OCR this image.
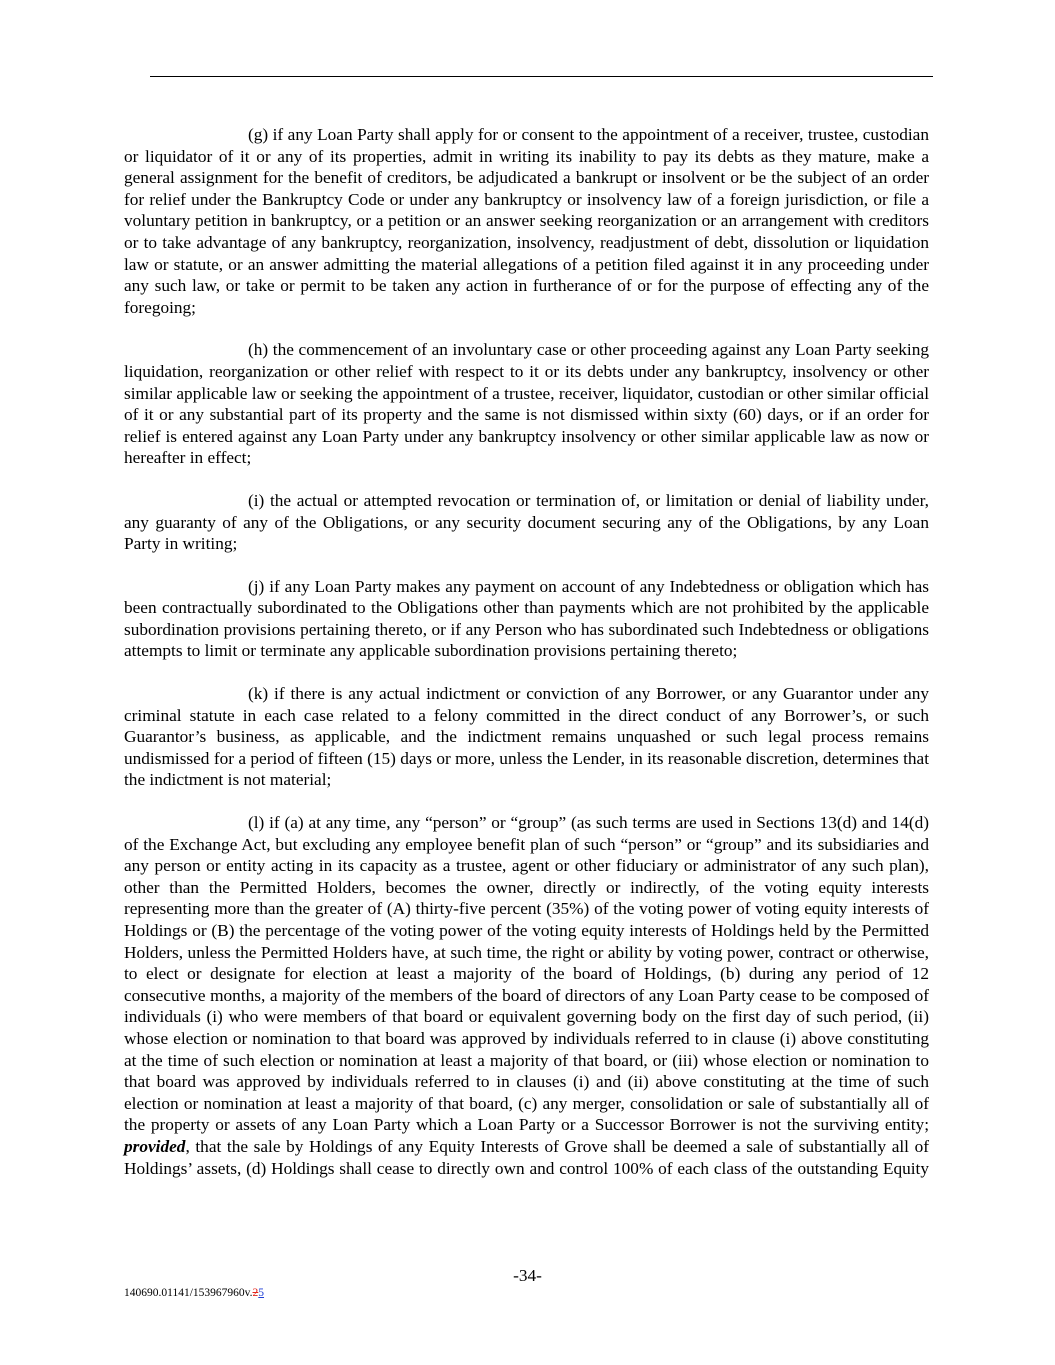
(g) if any Loan Party shall apply for or consent to the appointment of a receiver, trustee, custodian or liquidator of it or any of its properties, admit in writing its inability to pay its debts as they mature, make a general assignment for the benefit of creditors, be adjudicated a bankrupt or insolvent or be the subject of an order for relief under the Bankruptcy Code or under any bankruptcy or insolvency law of a foreign jurisdiction, or file a voluntary petition in bankruptcy, or a petition or an answer seeking reorganization or an arrangement with creditors or to take advantage of any bankruptcy, reorganization, insolvency, readjustment of debt, dissolution or liquidation law or statute, or an answer admitting the material allegations of a petition filed against it in any proceeding under any such law, or take or permit to be taken any action in furtherance of or for the purpose of effecting any of the foregoing;

(h) the commencement of an involuntary case or other proceeding against any Loan Party seeking liquidation, reorganization or other relief with respect to it or its debts under any bankruptcy, insolvency or other similar applicable law or seeking the appointment of a trustee, receiver, liquidator, custodian or other similar official of it or any substantial part of its property and the same is not dismissed within sixty (60) days, or if an order for relief is entered against any Loan Party under any bankruptcy insolvency or other similar applicable law as now or hereafter in effect;

(i) the actual or attempted revocation or termination of, or limitation or denial of liability under, any guaranty of any of the Obligations, or any security document securing any of the Obligations, by any Loan Party in writing;

(j) if any Loan Party makes any payment on account of any Indebtedness or obligation which has been contractually subordinated to the Obligations other than payments which are not prohibited by the applicable subordination provisions pertaining thereto, or if any Person who has subordinated such Indebtedness or obligations attempts to limit or terminate any applicable subordination provisions pertaining thereto;

(k) if there is any actual indictment or conviction of any Borrower, or any Guarantor under any criminal statute in each case related to a felony committed in the direct conduct of any Borrower’s, or such Guarantor’s business, as applicable, and the indictment remains unquashed or such legal process remains undismissed for a period of fifteen (15) days or more, unless the Lender, in its reasonable discretion, determines that the indictment is not material;

(l) if (a) at any time, any “person” or “group” (as such terms are used in Sections 13(d) and 14(d) of the Exchange Act, but excluding any employee benefit plan of such “person” or “group” and its subsidiaries and any person or entity acting in its capacity as a trustee, agent or other fiduciary or administrator of any such plan), other than the Permitted Holders, becomes the owner, directly or indirectly, of the voting equity interests representing more than the greater of (A) thirty-five percent (35%) of the voting power of voting equity interests of Holdings or (B) the percentage of the voting power of the voting equity interests of Holdings held by the Permitted Holders, unless the Permitted Holders have, at such time, the right or ability by voting power, contract or otherwise, to elect or designate for election at least a majority of the board of Holdings, (b) during any period of 12 consecutive months, a majority of the members of the board of directors of any Loan Party cease to be composed of individuals (i) who were members of that board or equivalent governing body on the first day of such period, (ii) whose election or nomination to that board was approved by individuals referred to in clause (i) above constituting at the time of such election or nomination at least a majority of that board, or (iii) whose election or nomination to that board was approved by individuals referred to in clauses (i) and (ii) above constituting at the time of such election or nomination at least a majority of that board, (c) any merger, consolidation or sale of substantially all of the property or assets of any Loan Party which a Loan Party or a Successor Borrower is not the surviving entity; provided, that the sale by Holdings of any Equity Interests of Grove shall be deemed a sale of substantially all of Holdings’ assets, (d) Holdings shall cease to directly own and control 100% of each class of the outstanding Equity

-34-
140690.01141/153967960v.25
